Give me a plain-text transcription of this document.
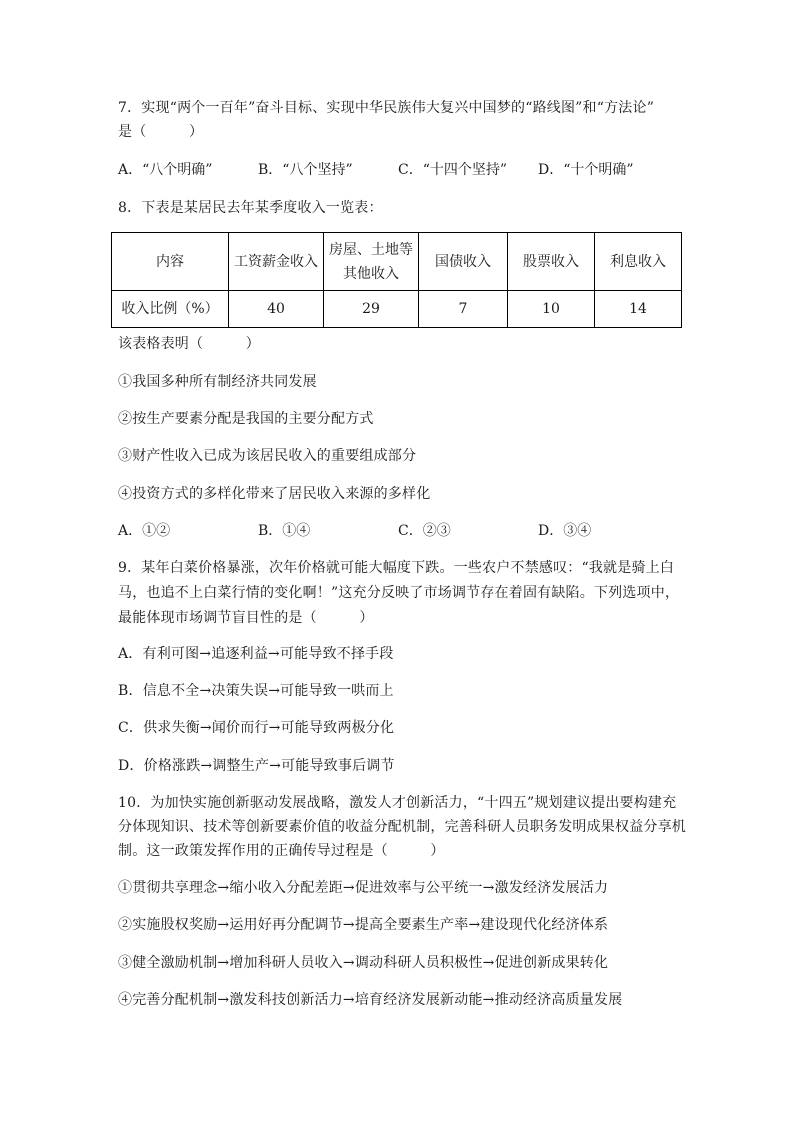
7．实现“两个一百年”奋斗目标、实现中华民族伟大复兴中国梦的“路线图”和“方法论”
是（　　　）
A．“八个明确”	B．“八个坚持”	C．“十四个坚持” D．“十个明确”
8．下表是某居民去年某季度收入一览表：
内容	工资薪金收入	房屋、土地等其他收入	国债收入	股票收入	利息收入
收入比例（%）	40	29	7	10	14
该表格表明（　　　）
①我国多种所有制经济共同发展
②按生产要素分配是我国的主要分配方式
③财产性收入已成为该居民收入的重要组成部分
④投资方式的多样化带来了居民收入来源的多样化
A．①②	B．①④	C．②③	D．③④
9．某年白菜价格暴涨，次年价格就可能大幅度下跌。一些农户不禁感叹：“我就是骑上白
马，也追不上白菜行情的变化啊！”这充分反映了市场调节存在着固有缺陷。下列选项中，
最能体现市场调节盲目性的是（　　　）
A．有利可图→追逐利益→可能导致不择手段
B．信息不全→决策失误→可能导致一哄而上
C．供求失衡→闻价而行→可能导致两极分化
D．价格涨跌→调整生产→可能导致事后调节
10．为加快实施创新驱动发展战略，激发人才创新活力，“十四五”规划建议提出要构建充
分体现知识、技术等创新要素价值的收益分配机制，完善科研人员职务发明成果权益分享机
制。这一政策发挥作用的正确传导过程是（　　　）
①贯彻共享理念→缩小收入分配差距→促进效率与公平统一→激发经济发展活力
②实施股权奖励→运用好再分配调节→提高全要素生产率→建设现代化经济体系
③健全激励机制→增加科研人员收入→调动科研人员积极性→促进创新成果转化
④完善分配机制→激发科技创新活力→培育经济发展新动能→推动经济高质量发展
